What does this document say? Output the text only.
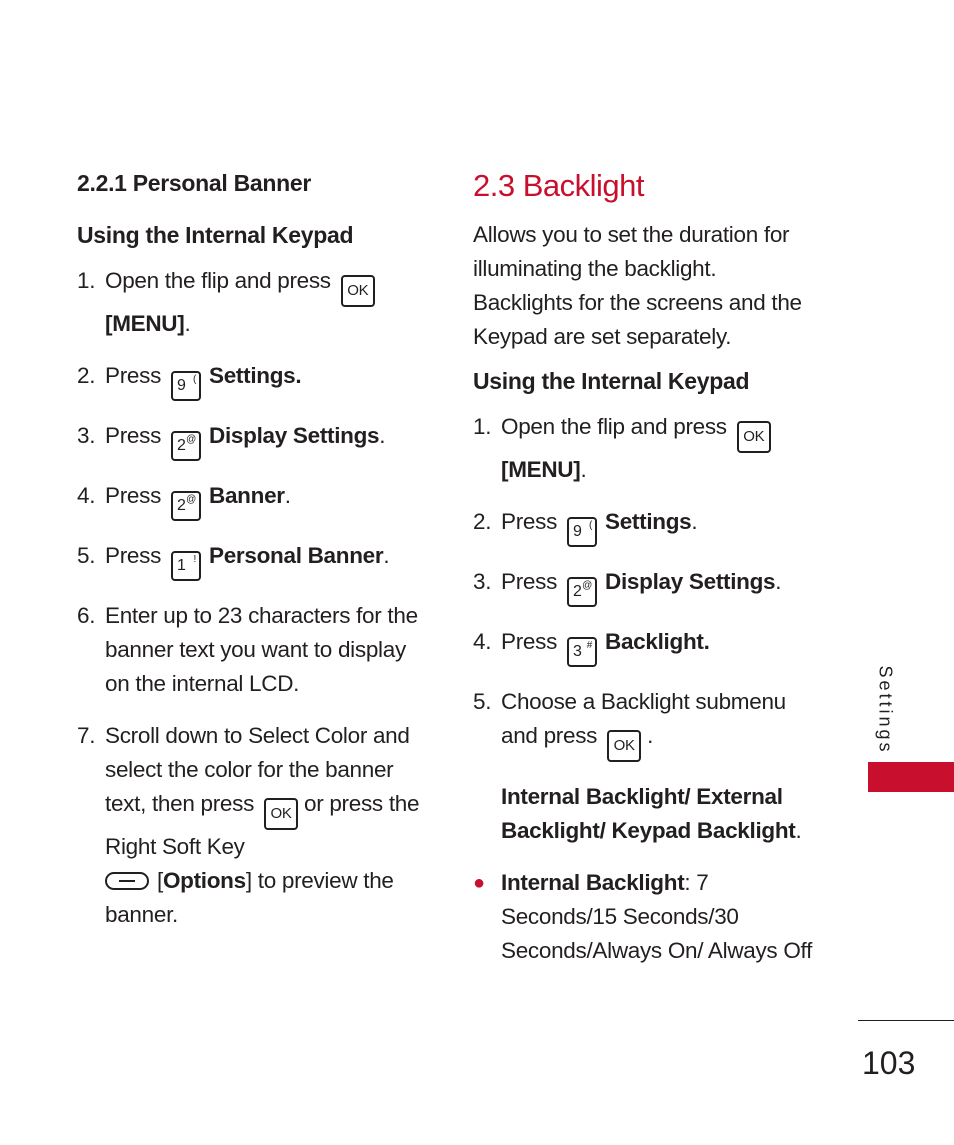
2.2.1 Personal Banner
Using the Internal Keypad
1. Open the flip and press OK
[MENU].
2. Press 9 ( Settings.
3. Press 2 @ Display Settings.
4. Press 2 @ Banner.
5. Press 1 ! Personal Banner.
6. Enter up to 23 characters for the banner text you want to display on the internal LCD.
7. Scroll down to Select Color and select the color for the banner text, then press OK or press the Right Soft Key
[Options] to preview the banner.
2.3 Backlight

Allows you to set the duration for illuminating the backlight. Backlights for the screens and the Keypad are set separately.

Using the Internal Keypad
1. Open the flip and press OK
[MENU].
2. Press 9 ( Settings.
3. Press 2 @ Display Settings.
4. Press 3 # Backlight.
5. Choose a Backlight submenu and press OK .
Internal Backlight/ External Backlight/ Keypad Backlight.
● Internal Backlight: 7 Seconds/15 Seconds/30 Seconds/Always On/ Always Off
Settings
103
